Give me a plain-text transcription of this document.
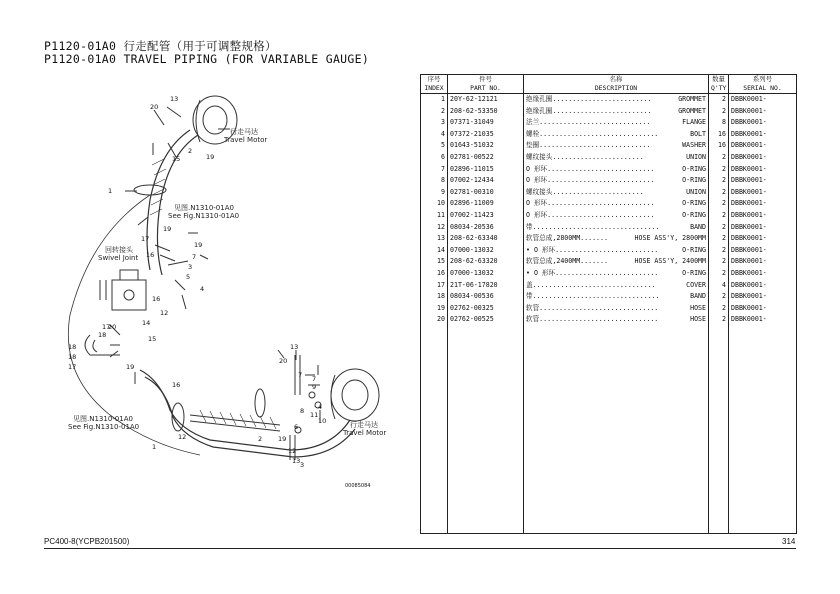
P1120-01A0 行走配管（用于可调整规格）
P1120-01A0 TRAVEL PIPING (FOR VARIABLE GAUGE)
行走马达
Travel Motor
见图.N1310-01A0
See Fig.N1310-01A0
回转接头
Swivel Joint
见图.N1310-01A0
See Fig.N1310-01A0	行走马达
Travel Motor
13
20
15
2
19
1
19
17
16
19
7
3
5
4
16
12
14
17
18
18
18
17
20
15
19
13
20
7
9
8 11
6
4
7
10
19
12
2
1
13 3
16
12
00085084
序号	件号	名称	数量	系列号
INDEX	PART NO.	DESCRIPTION	Q'TY	SERIAL NO.
1	20Y-62-12121	绝缘孔圈......................... GROMMET	2	DBBK0001-
2	208-62-53350	绝缘孔圈......................... GROMMET	2	DBBK0001-
3	07371-31049	法兰............................ FLANGE	8	DBBK0001-
4	07372-21035	螺栓.............................. BOLT	16	DBBK0001-
5	01643-51032	垫圈............................ WASHER	16	DBBK0001-
6	02781-00522	螺纹接头....................... UNION	2	DBBK0001-
7	02896-11015	O 形环........................... O-RING	2	DBBK0001-
8	07002-12434	O 形环........................... O-RING	2	DBBK0001-
9	02781-00310	螺纹接头....................... UNION	2	DBBK0001-
10	02896-11009	O 形环........................... O-RING	2	DBBK0001-
11	07002-11423	O 形环........................... O-RING	2	DBBK0001-
12	08034-20536	带................................ BAND	2	DBBK0001-
13	208-62-63340	软管总成,2800MM....... HOSE ASS'Y, 2800MM	2	DBBK0001-
14	07000-13032	• O 形环.......................... O-RING	2	DBBK0001-
15	208-62-63320	软管总成,2400MM....... HOSE ASS'Y, 2400MM	2	DBBK0001-
16	07000-13032	• O 形环.......................... O-RING	2	DBBK0001-
17	21T-06-17820	盖............................... COVER	4	DBBK0001-
18	08034-00536	带................................ BAND	2	DBBK0001-
19	02762-00325	软管.............................. HOSE	2	DBBK0001-
20	02762-00525	软管.............................. HOSE	2	DBBK0001-

PC400-8(YCPB201500)	314
